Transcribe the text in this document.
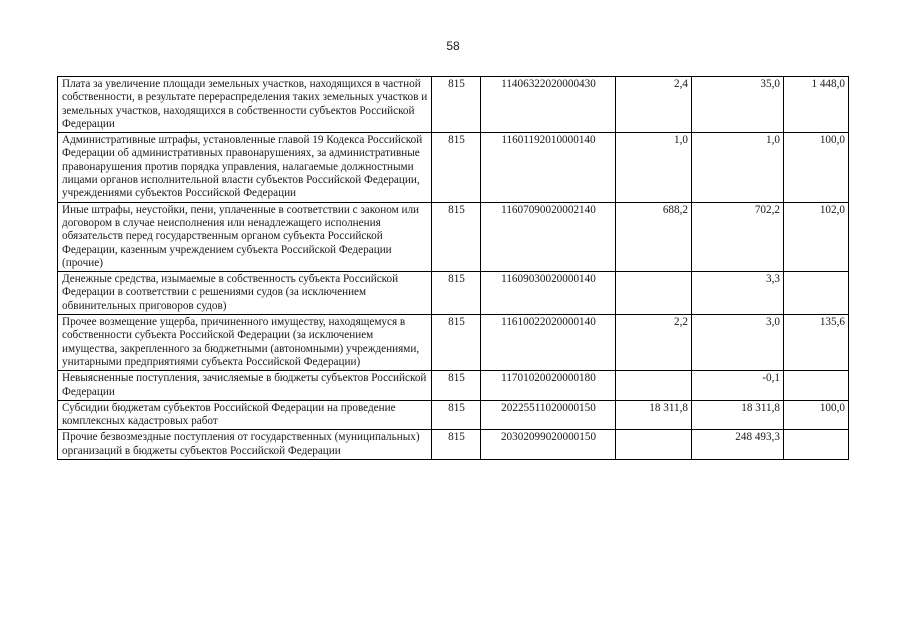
58
Плата за увеличение площади земельных участков, находящихся в частной собственности, в результате перераспределения таких земельных участков и земельных участков, находящихся в собственности субъектов Российской Федерации	815	11406322020000430	2,4	35,0	1 448,0
Административные штрафы, установленные главой 19 Кодекса Российской Федерации об административных правонарушениях, за административные правонарушения против порядка управления, налагаемые должностными лицами органов исполнительной власти субъектов Российской Федерации, учреждениями субъектов Российской Федерации	815	11601192010000140	1,0	1,0	100,0
Иные штрафы, неустойки, пени, уплаченные в соответствии с законом или договором в случае неисполнения или ненадлежащего исполнения обязательств перед государственным органом субъекта Российской Федерации, казенным учреждением субъекта Российской Федерации (прочие)	815	11607090020002140	688,2	702,2	102,0
Денежные средства, изымаемые в собственность субъекта Российской Федерации в соответствии с решениями судов (за исключением обвинительных приговоров судов)	815	11609030020000140		3,3	
Прочее возмещение ущерба, причиненного имуществу, находящемуся в собственности субъекта Российской Федерации (за исключением имущества, закрепленного за бюджетными (автономными) учреждениями, унитарными предприятиями субъекта Российской Федерации)	815	11610022020000140	2,2	3,0	135,6
Невыясненные поступления, зачисляемые в бюджеты субъектов Российской Федерации	815	11701020020000180		-0,1	
Субсидии бюджетам субъектов Российской Федерации на проведение комплексных кадастровых работ	815	20225511020000150	18 311,8	18 311,8	100,0
Прочие безвозмездные поступления от государственных (муниципальных) организаций в бюджеты субъектов Российской Федерации	815	20302099020000150		248 493,3	
